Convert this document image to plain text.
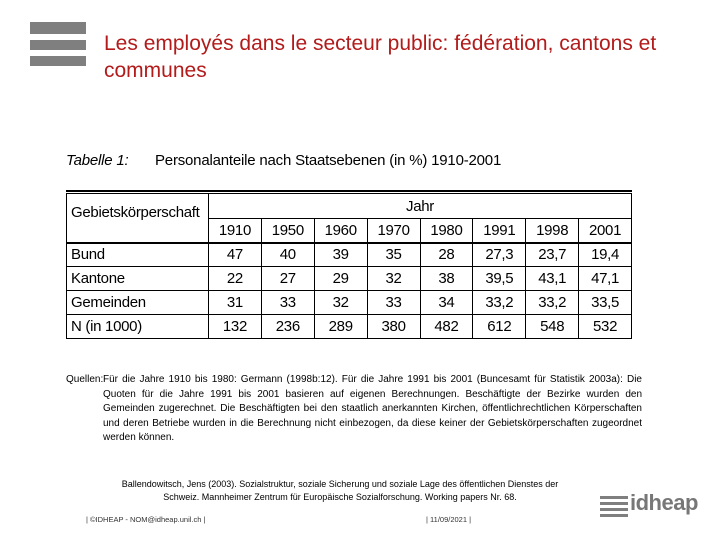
Les employés dans le secteur public: fédération, cantons et communes
Tabelle 1: Personalanteile nach Staatsebenen (in %) 1910-2001
Gebietskörperschaft	Jahr							
	1910	1950	1960	1970	1980	1991	1998	2001
Bund	47	40	39	35	28	27,3	23,7	19,4
Kantone	22	27	29	32	38	39,5	43,1	47,1
Gemeinden	31	33	32	33	34	33,2	33,2	33,5
N (in 1000)	132	236	289	380	482	612	548	532
Quellen: Für die Jahre 1910 bis 1980: Germann (1998b:12). Für die Jahre 1991 bis 2001 (Buncesamt für Statistik 2003a): Die Quoten für die Jahre 1991 bis 2001 basieren auf eigenen Berechnungen. Beschäftigte der Bezirke wurden den Gemeinden zugerechnet. Die Beschäftigten bei den staatlich anerkannten Kirchen, öffentlichrechtlichen Körperschaften und deren Betriebe wurden in die Berechnung nicht einbezogen, da diese keiner der Gebietskörperschaften zugeordnet werden können.
Ballendowitsch, Jens (2003). Sozialstruktur, soziale Sicherung und soziale Lage des öffentlichen Dienstes der
Schweiz. Mannheimer Zentrum für Europäische Sozialforschung. Working papers Nr. 68.
| ©IDHEAP - NOM@idheap.unil.ch |	| 11/09/2021 |
idheap
